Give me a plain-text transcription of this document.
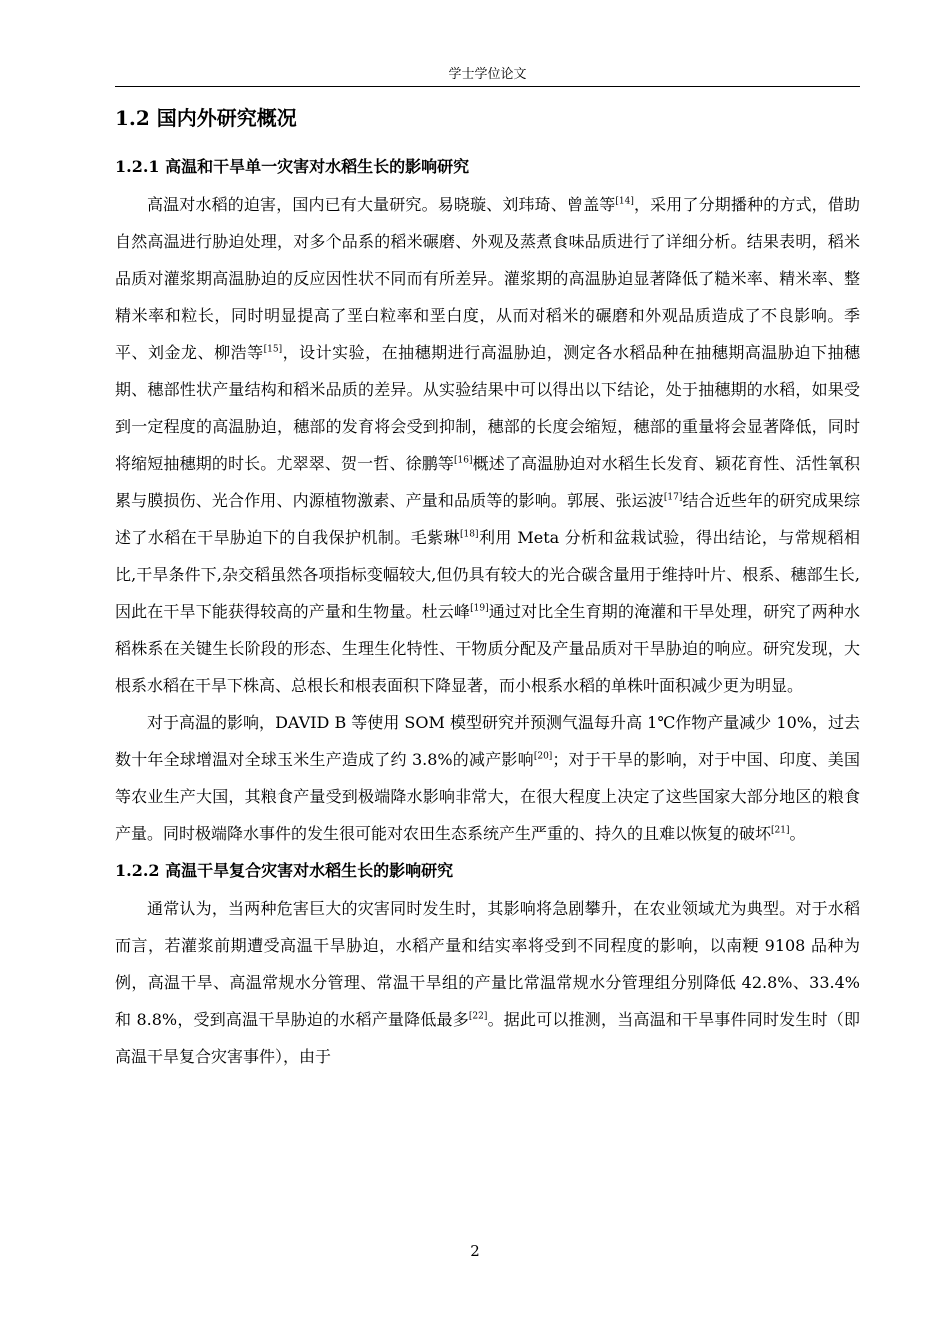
学士学位论文
1.2 国内外研究概况
1.2.1 高温和干旱单一灾害对水稻生长的影响研究

高温对水稻的迫害，国内已有大量研究。易晓璇、刘玮琦、曾盖等[14]，采用了分期播种的方式，借助自然高温进行胁迫处理，对多个品系的稻米碾磨、外观及蒸煮食味品质进行了详细分析。结果表明，稻米品质对灌浆期高温胁迫的反应因性状不同而有所差异。灌浆期的高温胁迫显著降低了糙米率、精米率、整精米率和粒长，同时明显提高了垩白粒率和垩白度，从而对稻米的碾磨和外观品质造成了不良影响。季平、刘金龙、柳浩等[15]，设计实验，在抽穗期进行高温胁迫，测定各水稻品种在抽穗期高温胁迫下抽穗期、穗部性状产量结构和稻米品质的差异。从实验结果中可以得出以下结论，处于抽穗期的水稻，如果受到一定程度的高温胁迫，穗部的发育将会受到抑制，穗部的长度会缩短，穗部的重量将会显著降低，同时将缩短抽穗期的时长。尤翠翠、贺一哲、徐鹏等[16]概述了高温胁迫对水稻生长发育、颖花育性、活性氧积累与膜损伤、光合作用、内源植物激素、产量和品质等的影响。郭展、张运波[17]结合近些年的研究成果综述了水稻在干旱胁迫下的自我保护机制。毛紫琳[18]利用 Meta 分析和盆栽试验，得出结论，与常规稻相比,干旱条件下,杂交稻虽然各项指标变幅较大,但仍具有较大的光合碳含量用于维持叶片、根系、穗部生长,因此在干旱下能获得较高的产量和生物量。杜云峰[19]通过对比全生育期的淹灌和干旱处理，研究了两种水稻株系在关键生长阶段的形态、生理生化特性、干物质分配及产量品质对干旱胁迫的响应。研究发现，大根系水稻在干旱下株高、总根长和根表面积下降显著，而小根系水稻的单株叶面积减少更为明显。

对于高温的影响，DAVID B 等使用 SOM 模型研究并预测气温每升高 1℃作物产量减少 10%，过去数十年全球增温对全球玉米生产造成了约 3.8%的减产影响[20]；对于干旱的影响，对于中国、印度、美国等农业生产大国，其粮食产量受到极端降水影响非常大，在很大程度上决定了这些国家大部分地区的粮食产量。同时极端降水事件的发生很可能对农田生态系统产生严重的、持久的且难以恢复的破坏[21]。

1.2.2 高温干旱复合灾害对水稻生长的影响研究

通常认为，当两种危害巨大的灾害同时发生时，其影响将急剧攀升，在农业领域尤为典型。对于水稻而言，若灌浆前期遭受高温干旱胁迫，水稻产量和结实率将受到不同程度的影响，以南粳 9108 品种为例，高温干旱、高温常规水分管理、常温干旱组的产量比常温常规水分管理组分别降低 42.8%、33.4%和 8.8%，受到高温干旱胁迫的水稻产量降低最多[22]。据此可以推测，当高温和干旱事件同时发生时（即高温干旱复合灾害事件），由于

2
